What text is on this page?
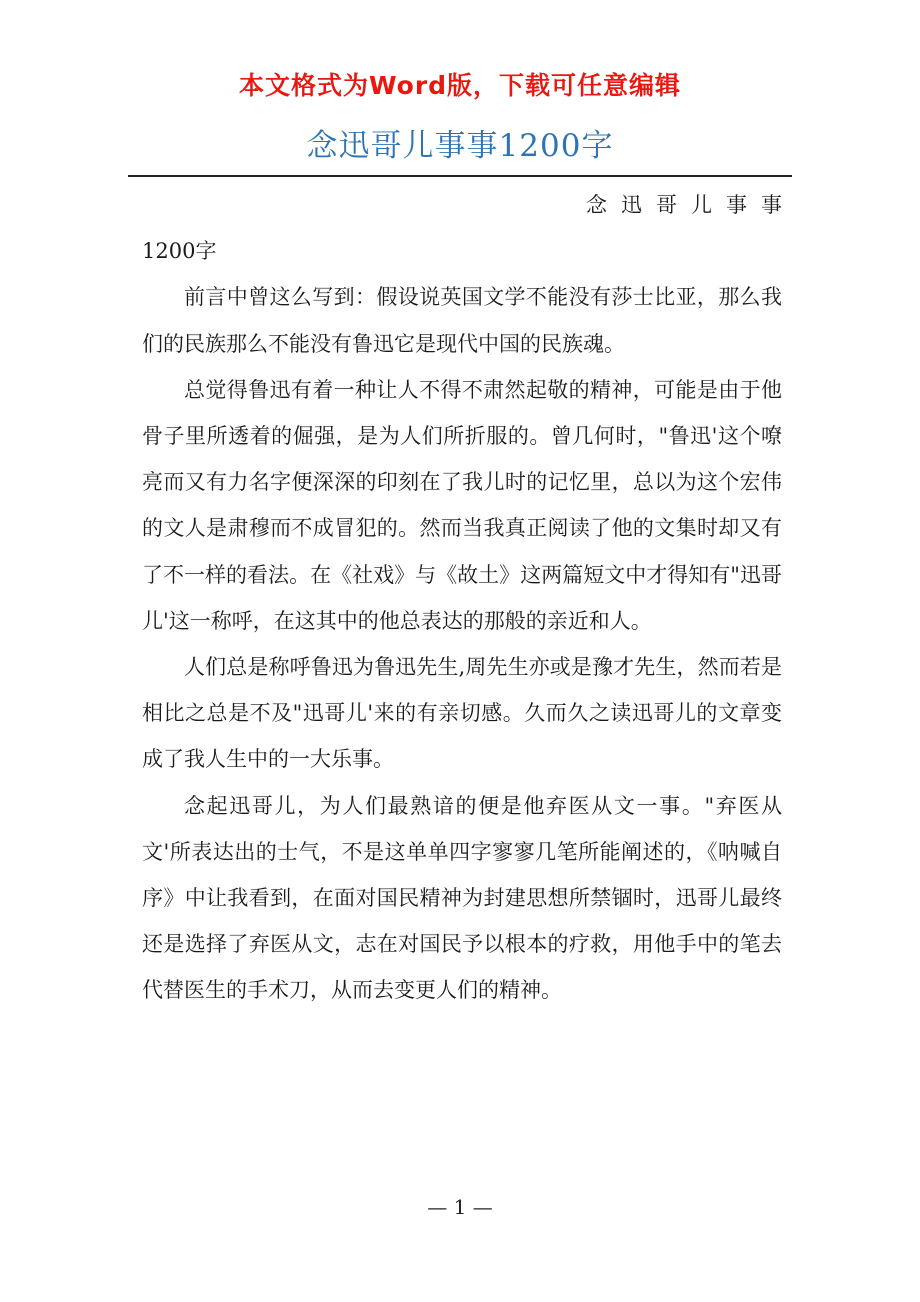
本文格式为Word版，下载可任意编辑
念迅哥儿事事1200字

念迅哥儿事事

1200字

前言中曾这么写到：假设说英国文学不能没有莎士比亚，那么我们的民族那么不能没有鲁迅它是现代中国的民族魂。

总觉得鲁迅有着一种让人不得不肃然起敬的精神，可能是由于他骨子里所透着的倔强，是为人们所折服的。曾几何时，"鲁迅'这个嘹亮而又有力名字便深深的印刻在了我儿时的记忆里，总以为这个宏伟的文人是肃穆而不成冒犯的。然而当我真正阅读了他的文集时却又有了不一样的看法。在《社戏》与《故土》这两篇短文中才得知有"迅哥儿'这一称呼，在这其中的他总表达的那般的亲近和人。

人们总是称呼鲁迅为鲁迅先生,周先生亦或是豫才先生，然而若是相比之总是不及"迅哥儿'来的有亲切感。久而久之读迅哥儿的文章变成了我人生中的一大乐事。

念起迅哥儿，为人们最熟谙的便是他弃医从文一事。"弃医从文'所表达出的士气，不是这单单四字寥寥几笔所能阐述的，《呐喊自序》中让我看到，在面对国民精神为封建思想所禁锢时，迅哥儿最终还是选择了弃医从文，志在对国民予以根本的疗救，用他手中的笔去代替医生的手术刀，从而去变更人们的精神。

— 1 —
